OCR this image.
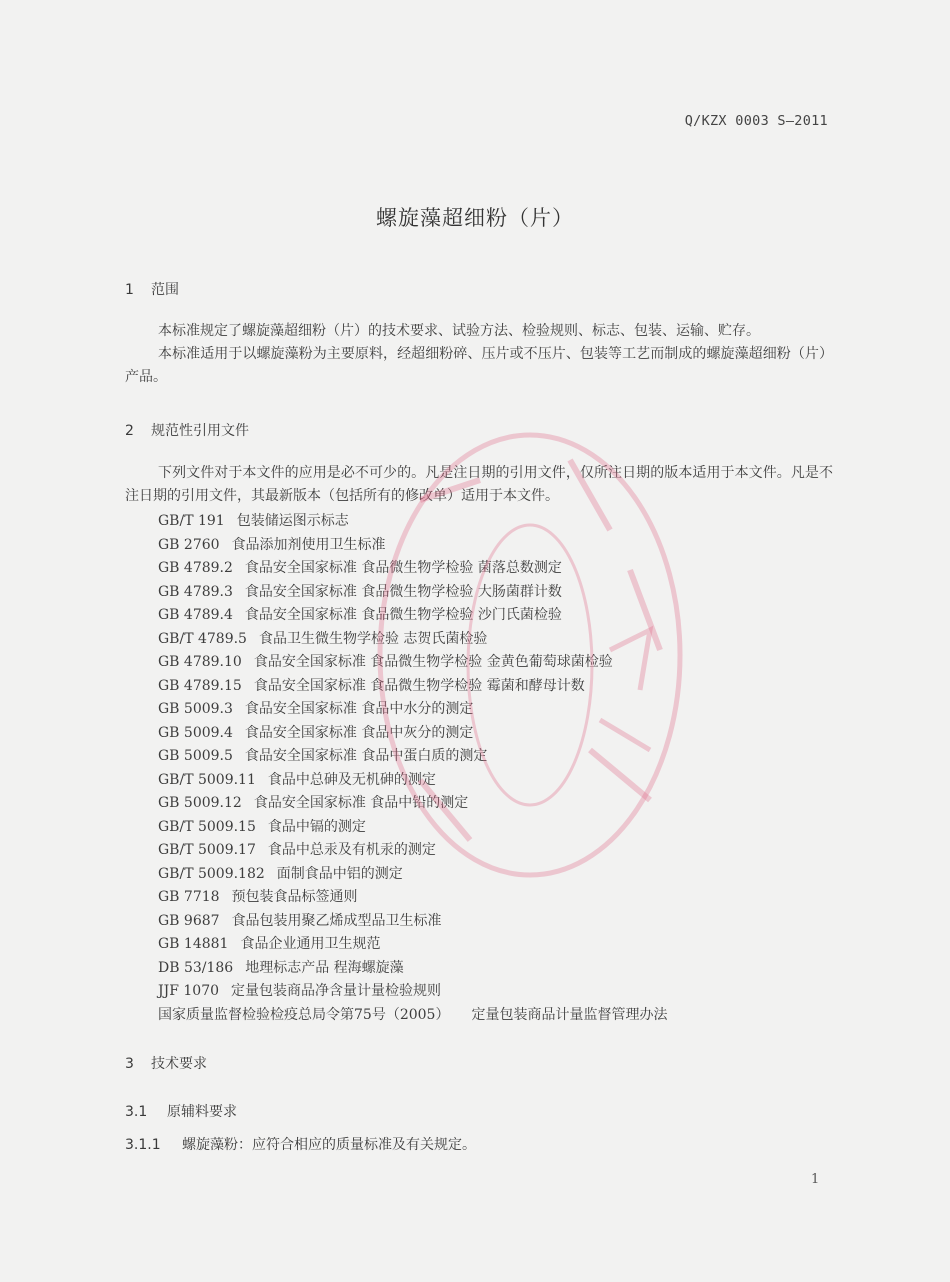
Q/KZX 0003 S—2011
螺旋藻超细粉（片）
1 范围

本标准规定了螺旋藻超细粉（片）的技术要求、试验方法、检验规则、标志、包装、运输、贮存。

本标准适用于以螺旋藻粉为主要原料，经超细粉碎、压片或不压片、包装等工艺而制成的螺旋藻超细粉（片）产品。

2 规范性引用文件

下列文件对于本文件的应用是必不可少的。凡是注日期的引用文件，仅所注日期的版本适用于本文件。凡是不注日期的引用文件，其最新版本（包括所有的修改单）适用于本文件。

GB/T 191 包装储运图示标志
GB 2760 食品添加剂使用卫生标准
GB 4789.2 食品安全国家标准 食品微生物学检验 菌落总数测定
GB 4789.3 食品安全国家标准 食品微生物学检验 大肠菌群计数
GB 4789.4 食品安全国家标准 食品微生物学检验 沙门氏菌检验
GB/T 4789.5 食品卫生微生物学检验 志贺氏菌检验
GB 4789.10 食品安全国家标准 食品微生物学检验 金黄色葡萄球菌检验
GB 4789.15 食品安全国家标准 食品微生物学检验 霉菌和酵母计数
GB 5009.3 食品安全国家标准 食品中水分的测定
GB 5009.4 食品安全国家标准 食品中灰分的测定
GB 5009.5 食品安全国家标准 食品中蛋白质的测定
GB/T 5009.11 食品中总砷及无机砷的测定
GB 5009.12 食品安全国家标准 食品中铅的测定
GB/T 5009.15 食品中镉的测定
GB/T 5009.17 食品中总汞及有机汞的测定
GB/T 5009.182 面制食品中铝的测定
GB 7718 预包装食品标签通则
GB 9687 食品包装用聚乙烯成型品卫生标准
GB 14881 食品企业通用卫生规范
DB 53/186 地理标志产品 程海螺旋藻
JJF 1070 定量包装商品净含量计量检验规则
国家质量监督检验检疫总局令第75号（2005） 定量包装商品计量监督管理办法
3 技术要求
3.1 原辅料要求
3.1.1 螺旋藻粉：应符合相应的质量标准及有关规定。
1
